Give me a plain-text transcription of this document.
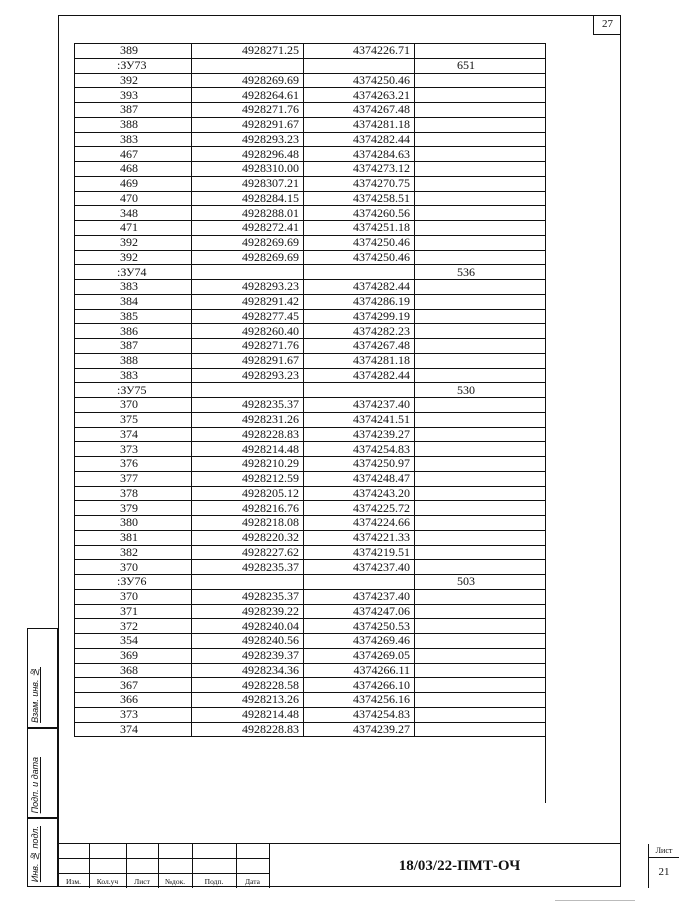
27
389	4928271.25	4374226.71	
:ЗУ73			651
392	4928269.69	4374250.46	
393	4928264.61	4374263.21	
387	4928271.76	4374267.48	
388	4928291.67	4374281.18	
383	4928293.23	4374282.44	
467	4928296.48	4374284.63	
468	4928310.00	4374273.12	
469	4928307.21	4374270.75	
470	4928284.15	4374258.51	
348	4928288.01	4374260.56	
471	4928272.41	4374251.18	
392	4928269.69	4374250.46	
392	4928269.69	4374250.46	
:ЗУ74			536
383	4928293.23	4374282.44	
384	4928291.42	4374286.19	
385	4928277.45	4374299.19	
386	4928260.40	4374282.23	
387	4928271.76	4374267.48	
388	4928291.67	4374281.18	
383	4928293.23	4374282.44	
:ЗУ75			530
370	4928235.37	4374237.40	
375	4928231.26	4374241.51	
374	4928228.83	4374239.27	
373	4928214.48	4374254.83	
376	4928210.29	4374250.97	
377	4928212.59	4374248.47	
378	4928205.12	4374243.20	
379	4928216.76	4374225.72	
380	4928218.08	4374224.66	
381	4928220.32	4374221.33	
382	4928227.62	4374219.51	
370	4928235.37	4374237.40	
:ЗУ76			503
370	4928235.37	4374237.40	
371	4928239.22	4374247.06	
372	4928240.04	4374250.53	
354	4928240.56	4374269.46	
369	4928239.37	4374269.05	
368	4928234.36	4374266.11	
367	4928228.58	4374266.10	
366	4928213.26	4374256.16	
373	4928214.48	4374254.83	
374	4928228.83	4374239.27	
Взам. инв. №
Подп. и дата
Инв. № подл.	Изм.	Кол.уч	Лист	№док.	Подп.	Дата
18/03/22-ПМТ-ОЧ
Лист
21
